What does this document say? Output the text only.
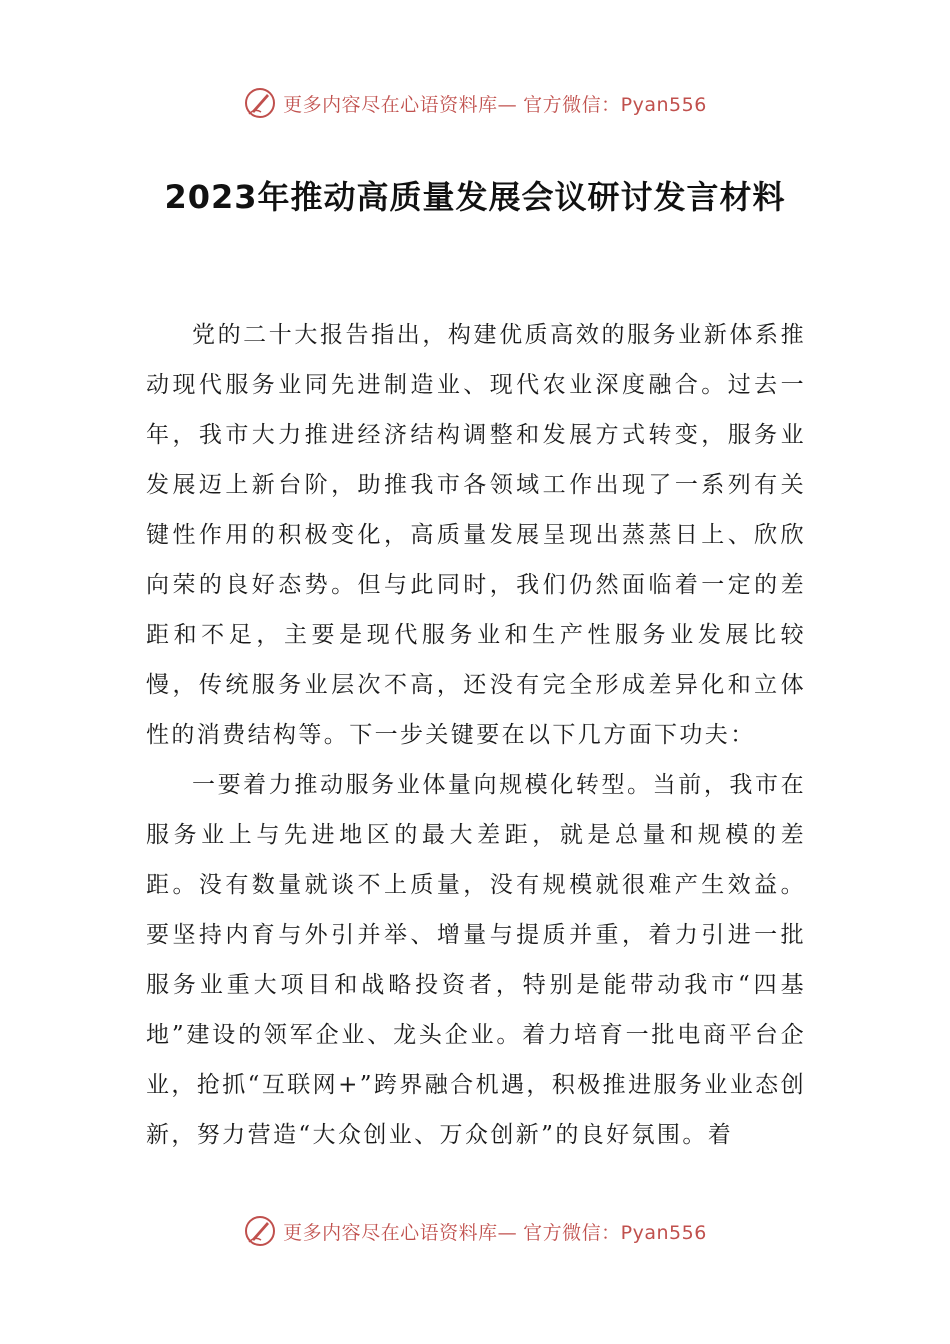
更多内容尽在心语资料库— 官方微信：Pyan556
2023年推动高质量发展会议研讨发言材料

党的二十大报告指出，构建优质高效的服务业新体系推动现代服务业同先进制造业、现代农业深度融合。过去一年，我市大力推进经济结构调整和发展方式转变，服务业发展迈上新台阶，助推我市各领域工作出现了一系列有关键性作用的积极变化，高质量发展呈现出蒸蒸日上、欣欣向荣的良好态势。但与此同时，我们仍然面临着一定的差距和不足，主要是现代服务业和生产性服务业发展比较慢，传统服务业层次不高，还没有完全形成差异化和立体性的消费结构等。下一步关键要在以下几方面下功夫：

一要着力推动服务业体量向规模化转型。当前，我市在服务业上与先进地区的最大差距，就是总量和规模的差距。没有数量就谈不上质量，没有规模就很难产生效益。要坚持内育与外引并举、增量与提质并重，着力引进一批服务业重大项目和战略投资者，特别是能带动我市“四基地”建设的领军企业、龙头企业。着力培育一批电商平台企业，抢抓“互联网+”跨界融合机遇，积极推进服务业业态创新，努力营造“大众创业、万众创新”的良好氛围。着

更多内容尽在心语资料库— 官方微信：Pyan556
